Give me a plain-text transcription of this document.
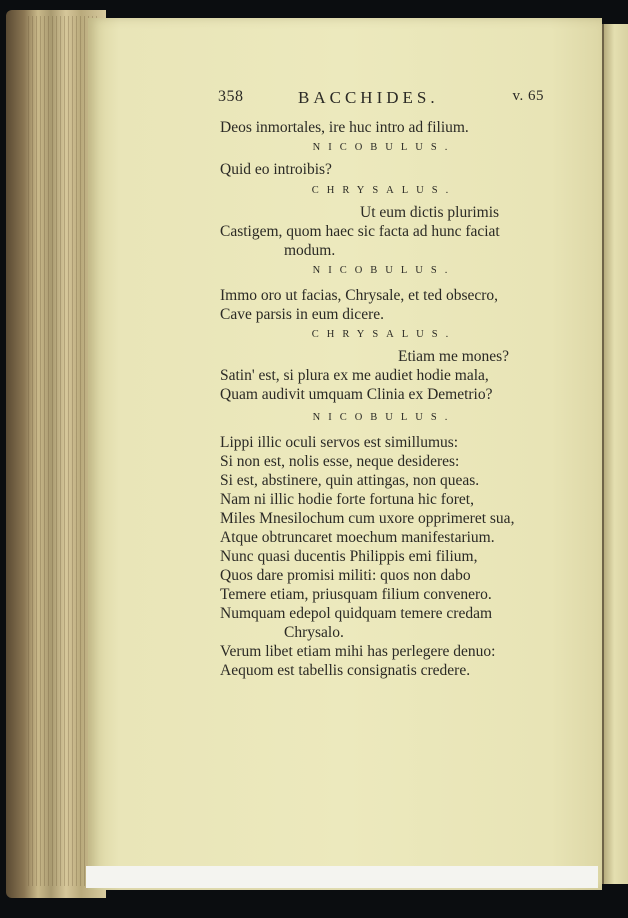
358	BACCHIDES.	v. 65
Deos inmortales, ire huc intro ad filium.
NICOBULUS.
Quid eo introibis?
CHRYSALUS.
Ut eum dictis plurimis
Castigem, quom haec sic facta ad hunc faciat
modum.
NICOBULUS.
Immo oro ut facias, Chrysale, et ted obsecro,
Cave parsis in eum dicere.
CHRYSALUS.
Etiam me mones?
Satin' est, si plura ex me audiet hodie mala,
Quam audivit umquam Clinia ex Demetrio?
NICOBULUS.
Lippi illic oculi servos est simillumus:
Si non est, nolis esse, neque desideres:
Si est, abstinere, quin attingas, non queas.
Nam ni illic hodie forte fortuna hic foret,
Miles Mnesilochum cum uxore opprimeret sua,
Atque obtruncaret moechum manifestarium.
Nunc quasi ducentis Philippis emi filium,
Quos dare promisi militi: quos non dabo
Temere etiam, priusquam filium convenero.
Numquam edepol quidquam temere credam
Chrysalo.
Verum libet etiam mihi has perlegere denuo:
Aequom est tabellis consignatis credere.
